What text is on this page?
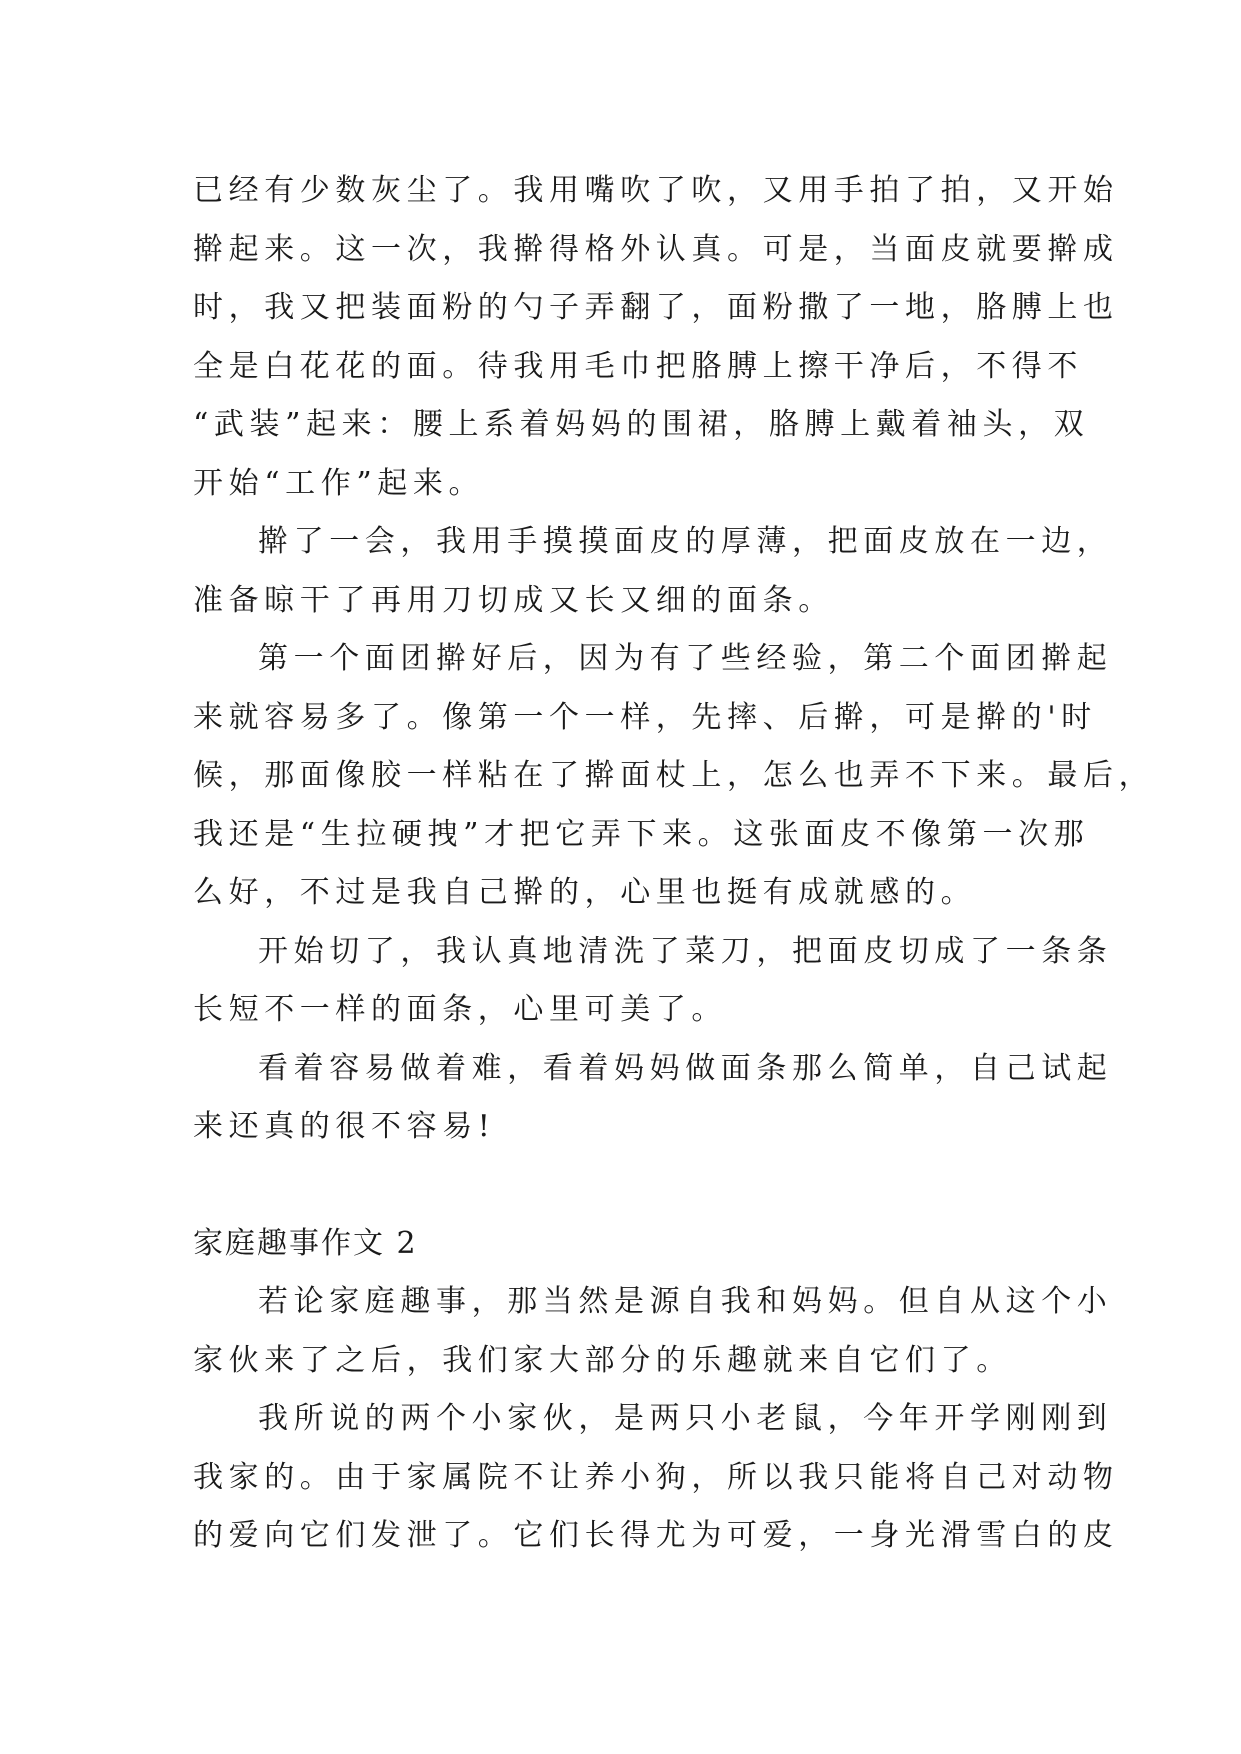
已经有少数灰尘了。我用嘴吹了吹，又用手拍了拍，又开始
擀起来。这一次，我擀得格外认真。可是，当面皮就要擀成
时，我又把装面粉的勺子弄翻了，面粉撒了一地，胳膊上也
全是白花花的面。待我用毛巾把胳膊上擦干净后，不得不
“武装”起来：腰上系着妈妈的围裙，胳膊上戴着袖头，双
开始“工作”起来。
擀了一会，我用手摸摸面皮的厚薄，把面皮放在一边，
准备晾干了再用刀切成又长又细的面条。
第一个面团擀好后，因为有了些经验，第二个面团擀起
来就容易多了。像第一个一样，先摔、后擀，可是擀的'时
候，那面像胶一样粘在了擀面杖上，怎么也弄不下来。最后，
我还是“生拉硬拽”才把它弄下来。这张面皮不像第一次那
么好，不过是我自己擀的，心里也挺有成就感的。
开始切了，我认真地清洗了菜刀，把面皮切成了一条条
长短不一样的面条，心里可美了。
看着容易做着难，看着妈妈做面条那么简单，自己试起
来还真的很不容易!
家庭趣事作文 2
若论家庭趣事，那当然是源自我和妈妈。但自从这个小
家伙来了之后，我们家大部分的乐趣就来自它们了。
我所说的两个小家伙，是两只小老鼠，今年开学刚刚到
我家的。由于家属院不让养小狗，所以我只能将自己对动物
的爱向它们发泄了。它们长得尤为可爱，一身光滑雪白的皮
